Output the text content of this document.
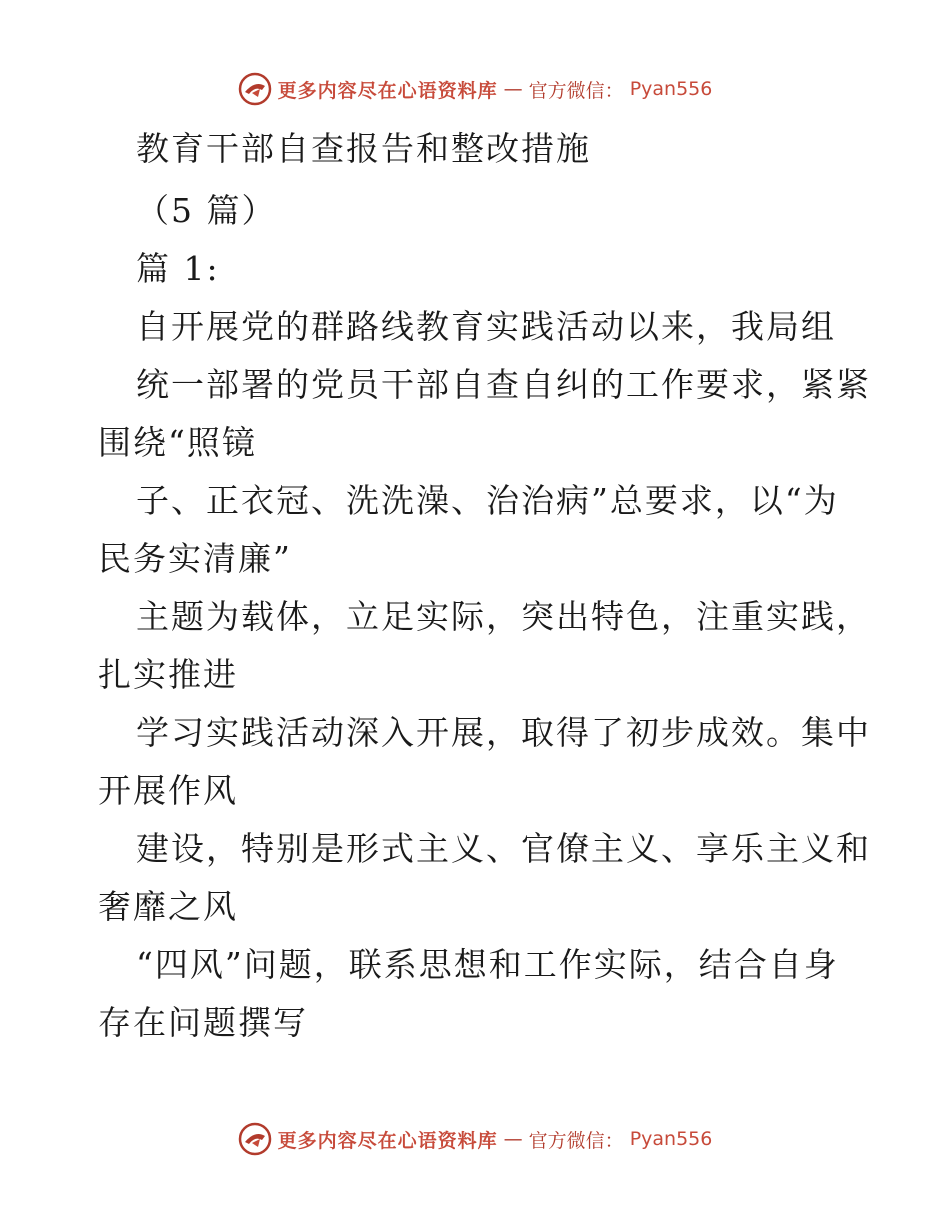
更多内容尽在心语资料库 — 官方微信： Pyan556
教育干部自查报告和整改措施
（5 篇）
篇 1:
自开展党的群路线教育实践活动以来，我局组
统一部署的党员干部自查自纠的工作要求，紧紧
围绕“照镜
子、正衣冠、洗洗澡、治治病”总要求，以“为
民务实清廉”
主题为载体，立足实际，突出特色，注重实践，
扎实推进
学习实践活动深入开展，取得了初步成效。集中
开展作风
建设，特别是形式主义、官僚主义、享乐主义和
奢靡之风
“四风”问题，联系思想和工作实际，结合自身
存在问题撰写
更多内容尽在心语资料库 — 官方微信： Pyan556
